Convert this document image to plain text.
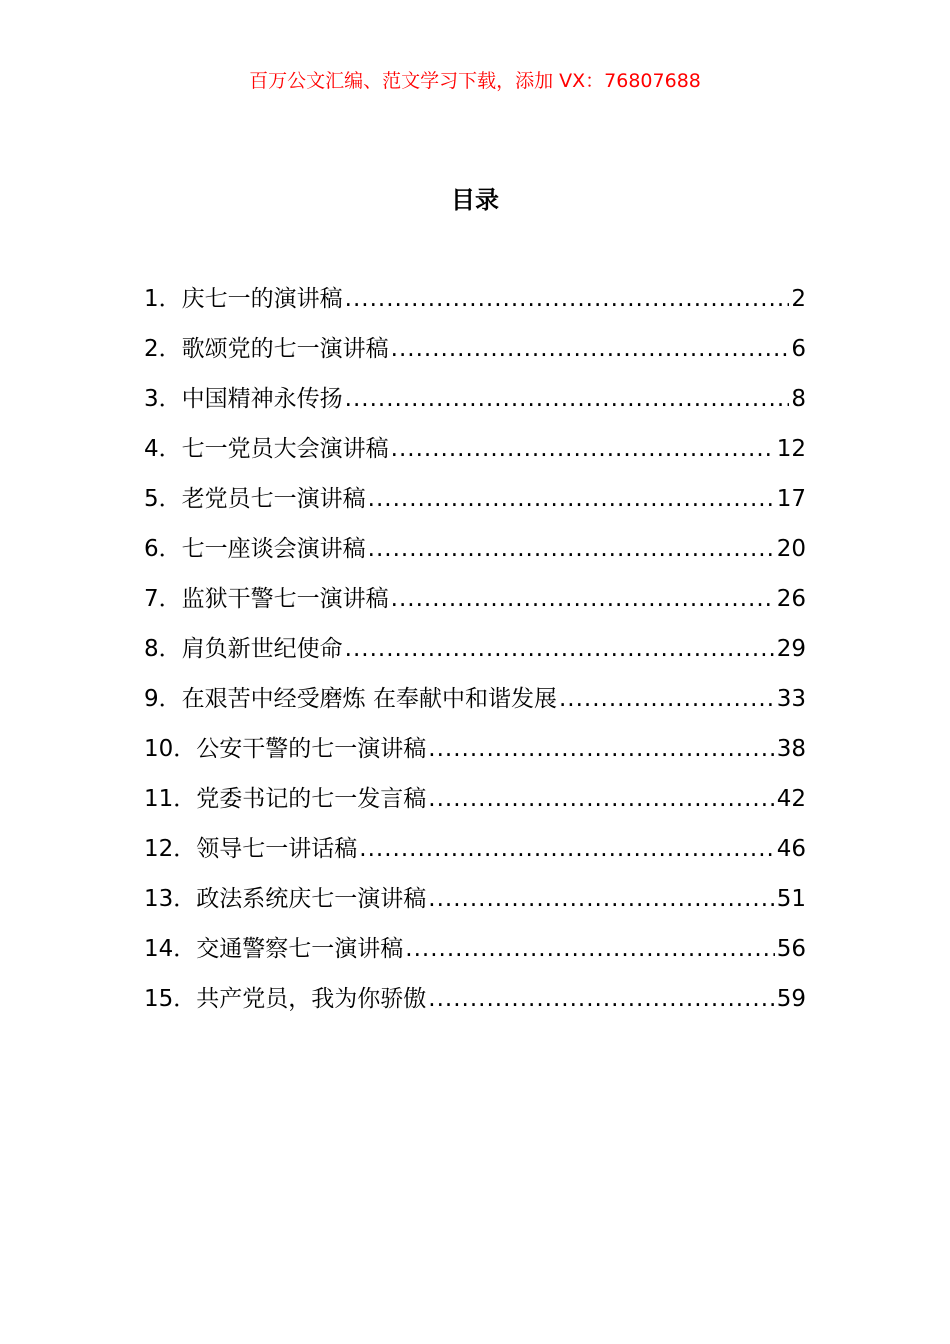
百万公文汇编、范文学习下载，添加 VX：76807688
目录
1．庆七一的演讲稿 .....	2
2．歌颂党的七一演讲稿 .....	6
3．中国精神永传扬 .....	8
4．七一党员大会演讲稿 .....	12
5．老党员七一演讲稿 .....	17
6．七一座谈会演讲稿 .....	20
7．监狱干警七一演讲稿 .....	26
8．肩负新世纪使命 .....	29
9．在艰苦中经受磨炼 在奉献中和谐发展 .....	33
10．公安干警的七一演讲稿 .....	38
11．党委书记的七一发言稿 .....	42
12．领导七一讲话稿 .....	46
13．政法系统庆七一演讲稿 .....	51
14．交通警察七一演讲稿 .....	56
15．共产党员，我为你骄傲 .....	59
